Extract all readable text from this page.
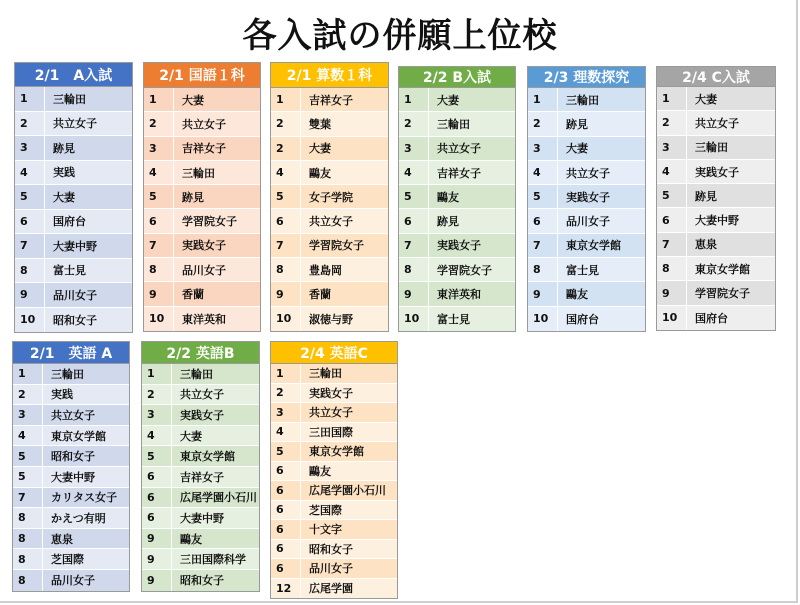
各入試の併願上位校
2/1　A入試
1	三輪田
2	共立女子
3	跡見
4	実践
5	大妻
6	国府台
7	大妻中野
8	富士見
9	品川女子
10	昭和女子
2/1 国語１科
1	大妻
2	共立女子
3	吉祥女子
4	三輪田
5	跡見
6	学習院女子
7	実践女子
8	品川女子
9	香蘭
10	東洋英和
2/1 算数１科
1	吉祥女子
2	雙葉
2	大妻
4	鷗友
5	女子学院
6	共立女子
7	学習院女子
8	豊島岡
9	香蘭
10	淑徳与野
2/2 B入試
1	大妻
2	三輪田
3	共立女子
4	吉祥女子
5	鷗友
6	跡見
7	実践女子
8	学習院女子
9	東洋英和
10	富士見
2/3 理数探究
1	三輪田
2	跡見
3	大妻
4	共立女子
5	実践女子
6	品川女子
7	東京女学館
8	富士見
9	鷗友
10	国府台
2/4 C入試
1	大妻
2	共立女子
3	三輪田
4	実践女子
5	跡見
6	大妻中野
7	恵泉
8	東京女学館
9	学習院女子
10	国府台
2/1　英語 A
1	三輪田
2	実践
3	共立女子
4	東京女学館
5	昭和女子
5	大妻中野
7	カリタス女子
8	かえつ有明
8	恵泉
8	芝国際
8	品川女子
2/2 英語B
1	三輪田
2	共立女子
3	実践女子
4	大妻
5	東京女学館
6	吉祥女子
6	広尾学園小石川
6	大妻中野
9	鷗友
9	三田国際科学
9	昭和女子
2/4 英語C
1	三輪田
2	実践女子
3	共立女子
4	三田国際
5	東京女学館
6	鷗友
6	広尾学園小石川
6	芝国際
6	十文字
6	昭和女子
6	品川女子
12	広尾学園
